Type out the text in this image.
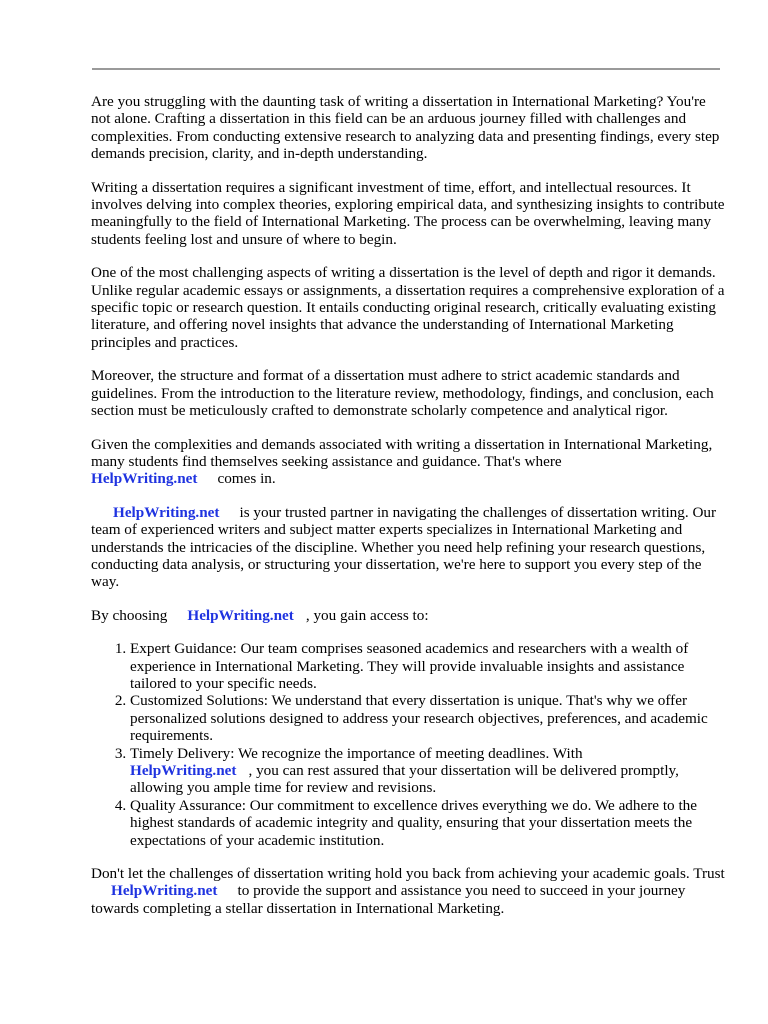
Are you struggling with the daunting task of writing a dissertation in International Marketing? You're not alone. Crafting a dissertation in this field can be an arduous journey filled with challenges and complexities. From conducting extensive research to analyzing data and presenting findings, every step demands precision, clarity, and in-depth understanding.

Writing a dissertation requires a significant investment of time, effort, and intellectual resources. It involves delving into complex theories, exploring empirical data, and synthesizing insights to contribute meaningfully to the field of International Marketing. The process can be overwhelming, leaving many students feeling lost and unsure of where to begin.

One of the most challenging aspects of writing a dissertation is the level of depth and rigor it demands. Unlike regular academic essays or assignments, a dissertation requires a comprehensive exploration of a specific topic or research question. It entails conducting original research, critically evaluating existing literature, and offering novel insights that advance the understanding of International Marketing principles and practices.

Moreover, the structure and format of a dissertation must adhere to strict academic standards and guidelines. From the introduction to the literature review, methodology, findings, and conclusion, each section must be meticulously crafted to demonstrate scholarly competence and analytical rigor.

Given the complexities and demands associated with writing a dissertation in International Marketing, many students find themselves seeking assistance and guidance. That's where
HelpWriting.net comes in.

HelpWriting.net is your trusted partner in navigating the challenges of dissertation writing. Our team of experienced writers and subject matter experts specializes in International Marketing and understands the intricacies of the discipline. Whether you need help refining your research questions, conducting data analysis, or structuring your dissertation, we're here to support you every step of the way.

By choosing HelpWriting.net , you gain access to:

1. Expert Guidance: Our team comprises seasoned academics and researchers with a wealth of experience in International Marketing. They will provide invaluable insights and assistance tailored to your specific needs.
2. Customized Solutions: We understand that every dissertation is unique. That's why we offer personalized solutions designed to address your research objectives, preferences, and academic requirements.
3. Timely Delivery: We recognize the importance of meeting deadlines. With
HelpWriting.net , you can rest assured that your dissertation will be delivered promptly, allowing you ample time for review and revisions.
4. Quality Assurance: Our commitment to excellence drives everything we do. We adhere to the highest standards of academic integrity and quality, ensuring that your dissertation meets the expectations of your academic institution.

Don't let the challenges of dissertation writing hold you back from achieving your academic goals. TrustHelpWriting.net to provide the support and assistance you need to succeed in your journey towards completing a stellar dissertation in International Marketing.
